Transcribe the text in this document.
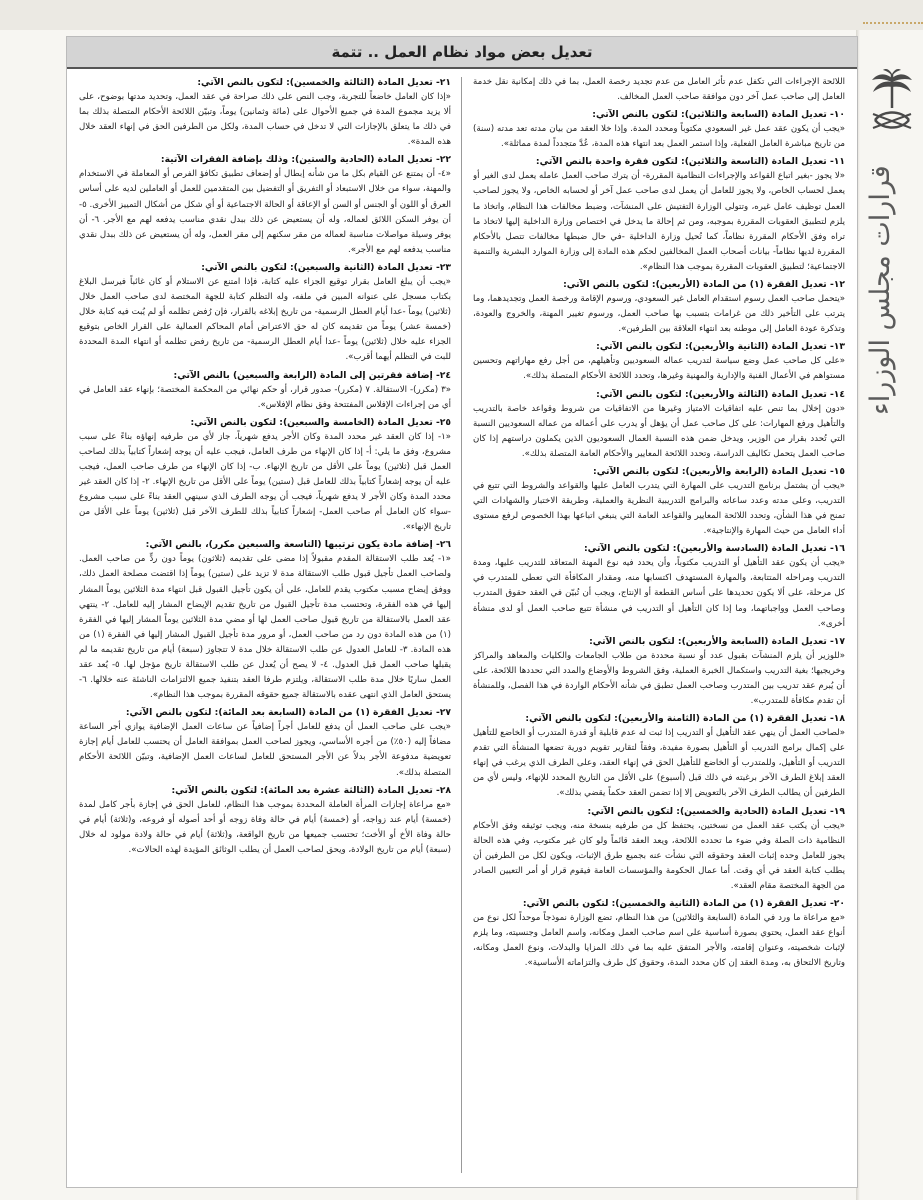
قرارات مجلس الوزراء
تعديل بعض مواد نظام العمل .. تتمة

اللائحة الإجراءات التي تكفل عدم تأثر العامل من عدم تجديد رخصة العمل، بما في ذلك إمكانية نقل خدمة العامل إلى صاحب عمل آخر دون موافقة صاحب العمل المخالف.

١٠- تعديل المادة (السابعة والثلاثين): لتكون بالنص الآتي:

«يجب أن يكون عقد عمل غير السعودي مكتوباً ومحدد المدة. وإذا خلا العقد من بيان مدته تعد مدته (سنة) من تاريخ مباشرة العامل الفعلية، وإذا استمر العمل بعد انتهاء هذه المدة، عُدَّ متجدداً لمدة مماثلة».

١١- تعديل المادة (التاسعة والثلاثين): لتكون فقرة واحدة بالنص الآتي:

«لا يجوز -بغير اتباع القواعد والإجراءات النظامية المقررة- أن يترك صاحب العمل عامله يعمل لدى الغير أو يعمل لحساب الخاص، ولا يجوز للعامل أن يعمل لدى صاحب عمل آخر أو لحسابه الخاص، ولا يجوز لصاحب العمل توظيف عامل غيره، وتتولى الوزارة التفتيش على المنشآت، وضبط مخالفات هذا النظام، واتخاذ ما يلزم لتطبيق العقوبات المقررة بموجبه، ومن ثم إحالة ما يدخل في اختصاص وزارة الداخلية إليها لاتخاذ ما تراه وفق الأحكام المقررة نظاماً، كما تُحيل وزارة الداخلية -في حال ضبطها مخالفات تتصل بالأحكام المقررة لديها نظاماً- بيانات أصحاب العمل المخالفين لحكم هذه المادة إلى وزارة الموارد البشرية والتنمية الاجتماعية؛ لتطبيق العقوبات المقررة بموجب هذا النظام».

١٢- تعديل الفقرة (١) من المادة (الأربعين): لتكون بالنص الآتي:

«يتحمل صاحب العمل رسوم استقدام العامل غير السعودي، ورسوم الإقامة ورخصة العمل وتجديدهما، وما يترتب على التأخير ذلك من غرامات بتسبب بها صاحب العمل، ورسوم تغيير المهنة، والخروج والعودة، وتذكرة عودة العامل إلى موطنه بعد انتهاء العلاقة بين الطرفين».

١٣- تعديل المادة (الثانية والأربعين): لتكون بالنص الآتي:

«على كل صاحب عمل وضع سياسة لتدريب عماله السعوديين وتأهيلهم، من أجل رفع مهاراتهم وتحسين مستواهم في الأعمال الفنية والإدارية والمهنية وغيرها، وتحدد اللائحة الأحكام المتصلة بذلك».

١٤- تعديل المادة (الثالثة والأربعين): لتكون بالنص الآتي:

«دون إخلال بما تنص عليه اتفاقيات الامتياز وغيرها من الاتفاقيات من شروط وقواعد خاصة بالتدريب والتأهيل ورفع المهارات: على كل صاحب عمل أن يؤهل أو يدرب على أعماله من عماله السعوديين النسبة التي تُحدد بقرار من الوزير، ويدخل ضمن هذه النسبة العمال السعوديون الذين يكملون دراستهم إذا كان صاحب العمل يتحمل تكاليف الدراسة، وتحدد اللائحة المعايير والأحكام العامة المتصلة بذلك».

١٥- تعديل المادة (الرابعة والأربعين): لتكون بالنص الآتي:

«يجب أن يشتمل برنامج التدريب على المهارة التي يتدرب العامل عليها والقواعد والشروط التي تتبع في التدريب، وعلى مدته وعدد ساعاته والبرامج التدريبية النظرية والعملية، وطريقة الاختبار والشهادات التي تمنح في هذا الشأن، وتحدد اللائحة المعايير والقواعد العامة التي ينبغي اتباعها بهذا الخصوص لرفع مستوى أداء العامل من حيث المهارة والإنتاجية».

١٦- تعديل المادة (السادسة والأربعين): لتكون بالنص الآتي:

«يجب أن يكون عقد التأهيل أو التدريب مكتوباً، وأن يحدد فيه نوع المهنة المتعاقد للتدريب عليها، ومدة التدريب ومراحله المتتابعة، والمهارة المستهدف اكتسابها منه، ومقدار المكافأة التي تعطى للمتدرب في كل مرحلة، على ألا يكون تحديدها على أساس القطعة أو الإنتاج، ويجب أن تُبيّن في العقد حقوق المتدرب وصاحب العمل وواجباتهما، وما إذا كان التأهيل أو التدريب في منشأة تتبع صاحب العمل أو لدى منشأة أخرى».

١٧- تعديل المادة (السابعة والأربعين): لتكون بالنص الآتي:

«للوزير أن يلزم المنشآت بقبول عدد أو نسبة محددة من طلاب الجامعات والكليات والمعاهد والمراكز وخريجيها؛ بغية التدريب واستكمال الخبرة العملية، وفق الشروط والأوضاع والمدد التي تحددها اللائحة، على أن يُبرم عقد تدريب بين المتدرب وصاحب العمل تطبق في شأنه الأحكام الواردة في هذا الفصل، وللمنشأة أن تقدم مكافأة للمتدرب».

١٨- تعديل الفقرة (١) من المادة (الثامنة والأربعين): لتكون بالنص الآتي:

«لصاحب العمل أن ينهي عقد التأهيل أو التدريب إذا ثبت له عدم قابلية أو قدرة المتدرب أو الخاضع للتأهيل على إكمال برامج التدريب أو التأهيل بصورة مفيدة، وفقاً لتقارير تقويم دورية تضعها المنشأة التي تقدم التدريب أو التأهيل، وللمتدرب أو الخاضع للتأهيل الحق في إنهاء العقد، وعلى الطرف الذي يرغب في إنهاء العقد إبلاغ الطرف الآخر برغبته في ذلك قبل (أسبوع) على الأقل من التاريخ المحدد للإنهاء، وليس لأي من الطرفين أن يطالب الطرف الآخر بالتعويض إلا إذا تضمن العقد حكماً يقضي بذلك».

١٩- تعديل المادة (الحادية والخمسين): لتكون بالنص الآتي:

«يجب أن يكتب عقد العمل من نسختين، يحتفظ كل من طرفيه بنسخة منه، ويجب توثيقه وفق الأحكام النظامية ذات الصلة وفي ضوء ما تحدده اللائحة، ويعد العقد قائماً ولو كان غير مكتوب، وفي هذه الحالة يجوز للعامل وحده إثبات العقد وحقوقه التي نشأت عنه بجميع طرق الإثبات، ويكون لكل من الطرفين أن يطلب كتابة العقد في أي وقت. أما عمال الحكومة والمؤسسات العامة فيقوم قرار أو أمر التعيين الصادر من الجهة المختصة مقام العقد».

٢٠- تعديل الفقرة (١) من المادة (الثانية والخمسين): لتكون بالنص الآتي:

«مع مراعاة ما ورد في المادة (السابعة والثلاثين) من هذا النظام، تضع الوزارة نموذجاً موحداً لكل نوع من أنواع عقد العمل، يحتوي بصورة أساسية على اسم صاحب العمل ومكانه، واسم العامل وجنسيته، وما يلزم لإثبات شخصيته، وعنوان إقامته، والأجر المتفق عليه بما في ذلك المزايا والبدلات، ونوع العمل ومكانه، وتاريخ الالتحاق به، ومدة العقد إن كان محدد المدة، وحقوق كل طرف والتزاماته الأساسية».

٢١- تعديل المادة (الثالثة والخمسين): لتكون بالنص الآتي:

«إذا كان العامل خاضعاً للتجربة، وجب النص على ذلك صراحة في عقد العمل، وتحديد مدتها بوضوح، على ألا يزيد مجموع المدة في جميع الأحوال على (مائة وثمانين) يوماً، وتبيّن اللائحة الأحكام المتصلة بذلك بما في ذلك ما يتعلق بالإجازات التي لا تدخل في حساب المدة، ولكل من الطرفين الحق في إنهاء العقد خلال هذه المدة».

٢٢- تعديل المادة (الحادية والستين): وذلك بإضافة الفقرات الآتية:

«٤- أن يمتنع عن القيام بكل ما من شأنه إبطال أو إضعاف تطبيق تكافؤ الفرص أو المعاملة في الاستخدام والمهنة، سواء من خلال الاستبعاد أو التفريق أو التفضيل بين المتقدمين للعمل أو العاملين لديه على أساس العرق أو اللون أو الجنس أو السن أو الإعاقة أو الحالة الاجتماعية أو أي شكل من أشكال التمييز الأخرى. ٥- أن يوفر السكن اللائق لعماله، وله أن يستعيض عن ذلك ببدل نقدي مناسب يدفعه لهم مع الأجر. ٦- أن يوفر وسيلة مواصلات مناسبة لعماله من مقر سكنهم إلى مقر العمل، وله أن يستعيض عن ذلك ببدل نقدي مناسب يدفعه لهم مع الأجر».

٢٣- تعديل المادة (الثانية والسبعين): لتكون بالنص الآتي:

«يجب أن يبلغ العامل بقرار توقيع الجزاء عليه كتابة، فإذا امتنع عن الاستلام أو كان غائباً فيرسل البلاغ بكتاب مسجل على عنوانه المبين في ملفه، وله التظلم كتابة للجهة المختصة لدى صاحب العمل خلال (ثلاثين) يوماً -عدا أيام العطل الرسمية- من تاريخ إبلاغه بالقرار، فإن رُفض تظلمه أو لم يُبت فيه كتابة خلال (خمسة عشر) يوماً من تقديمه كان له حق الاعتراض أمام المحاكم العمالية على القرار الخاص بتوقيع الجزاء عليه خلال (ثلاثين) يوماً -عدا أيام العطل الرسمية- من تاريخ رفض تظلمه أو انتهاء المدة المحددة للبت في التظلم أيهما أقرب».

٢٤- إضافة فقرتين إلى المادة (الرابعة والسبعين) بالنص الآتي:

«٣ (مكرر)- الاستقالة. ٧ (مكرر)- صدور قرار، أو حكم نهائي من المحكمة المختصة؛ بإنهاء عقد العامل في أي من إجراءات الإفلاس المفتتحة وفق نظام الإفلاس».

٢٥- تعديل المادة (الخامسة والسبعين): لتكون بالنص الآتي:

«١- إذا كان العقد غير محدد المدة وكان الأجر يدفع شهرياً، جاز لأي من طرفيه إنهاؤه بناءً على سبب مشروع، وفق ما يلي: أ- إذا كان الإنهاء من طرف العامل، فيجب عليه أن يوجه إشعاراً كتابياً بذلك لصاحب العمل قبل (ثلاثين) يوماً على الأقل من تاريخ الإنهاء. ب- إذا كان الإنهاء من طرف صاحب العمل، فيجب عليه أن يوجه إشعاراً كتابياً بذلك للعامل قبل (ستين) يوماً على الأقل من تاريخ الإنهاء. ٢- إذا كان العقد غير محدد المدة وكان الأجر لا يدفع شهرياً، فيجب أن يوجه الطرف الذي سينهي العقد بناءً على سبب مشروع -سواء كان العامل أم صاحب العمل- إشعاراً كتابياً بذلك للطرف الآخر قبل (ثلاثين) يوماً على الأقل من تاريخ الإنهاء».

٢٦- إضافة مادة يكون ترتيبها (التاسعة والسبعين مكرر)، بالنص الآتي:

«١- يُعد طلب الاستقالة المقدم مقبولاً إذا مضى على تقديمه (ثلاثون) يوماً دون ردٍّ من صاحب العمل. ولصاحب العمل تأجيل قبول طلب الاستقالة مدة لا تزيد على (ستين) يوماً إذا اقتضت مصلحة العمل ذلك، ووفق إيضاح مسبب مكتوب يقدم للعامل، على أن يكون تأجيل القبول قبل انتهاء مدة الثلاثين يوماً المشار إليها في هذه الفقرة، وتحتسب مدة تأجيل القبول من تاريخ تقديم الإيضاح المشار إليه للعامل. ٢- ينتهي عقد العمل بالاستقالة من تاريخ قبول صاحب العمل لها أو مضي مدة الثلاثين يوماً المشار إليها في الفقرة (١) من هذه المادة دون رد من صاحب العمل، أو مرور مدة تأجيل القبول المشار إليها في الفقرة (١) من هذه المادة. ٣- للعامل العدول عن طلب الاستقالة خلال مدة لا تتجاوز (سبعة) أيام من تاريخ تقديمه ما لم يقبلها صاحب العمل قبل العدول. ٤- لا يصح أن يُعدل عن طلب الاستقالة تاريخ مؤجل لها. ٥- يُعد عقد العمل ساريًا خلال مدة طلب الاستقالة، ويلتزم طرفا العقد بتنفيذ جميع الالتزامات الناشئة عنه خلالها. ٦- يستحق العامل الذي انتهى عقده بالاستقالة جميع حقوقه المقررة بموجب هذا النظام».

٢٧- تعديل الفقرة (١) من المادة (السابعة بعد المائة): لتكون بالنص الآتي:

«يجب على صاحب العمل أن يدفع للعامل أجراً إضافياً عن ساعات العمل الإضافية يوازي أجر الساعة مضافاً إليه (٥٠٪) من أجره الأساسي، ويجوز لصاحب العمل بموافقة العامل أن يحتسب للعامل أيام إجازة تعويضية مدفوعة الأجر بدلاً عن الأجر المستحق للعامل لساعات العمل الإضافية، وتبيّن اللائحة الأحكام المتصلة بذلك».

٢٨- تعديل المادة (الثالثة عشرة بعد المائة): لتكون بالنص الآتي:

«مع مراعاة إجازات المرأة العاملة المحددة بموجب هذا النظام، للعامل الحق في إجازة بأجر كامل لمدة (خمسة) أيام عند زواجه، أو (خمسة) أيام في حالة وفاة زوجه أو أحد أصوله أو فروعه، و(ثلاثة) أيام في حالة وفاة الأخ أو الأخت؛ تحتسب جميعها من تاريخ الواقعة، و(ثلاثة) أيام في حالة ولادة مولود له خلال (سبعة) أيام من تاريخ الولادة، ويحق لصاحب العمل أن يطلب الوثائق المؤيدة لهذه الحالات».
